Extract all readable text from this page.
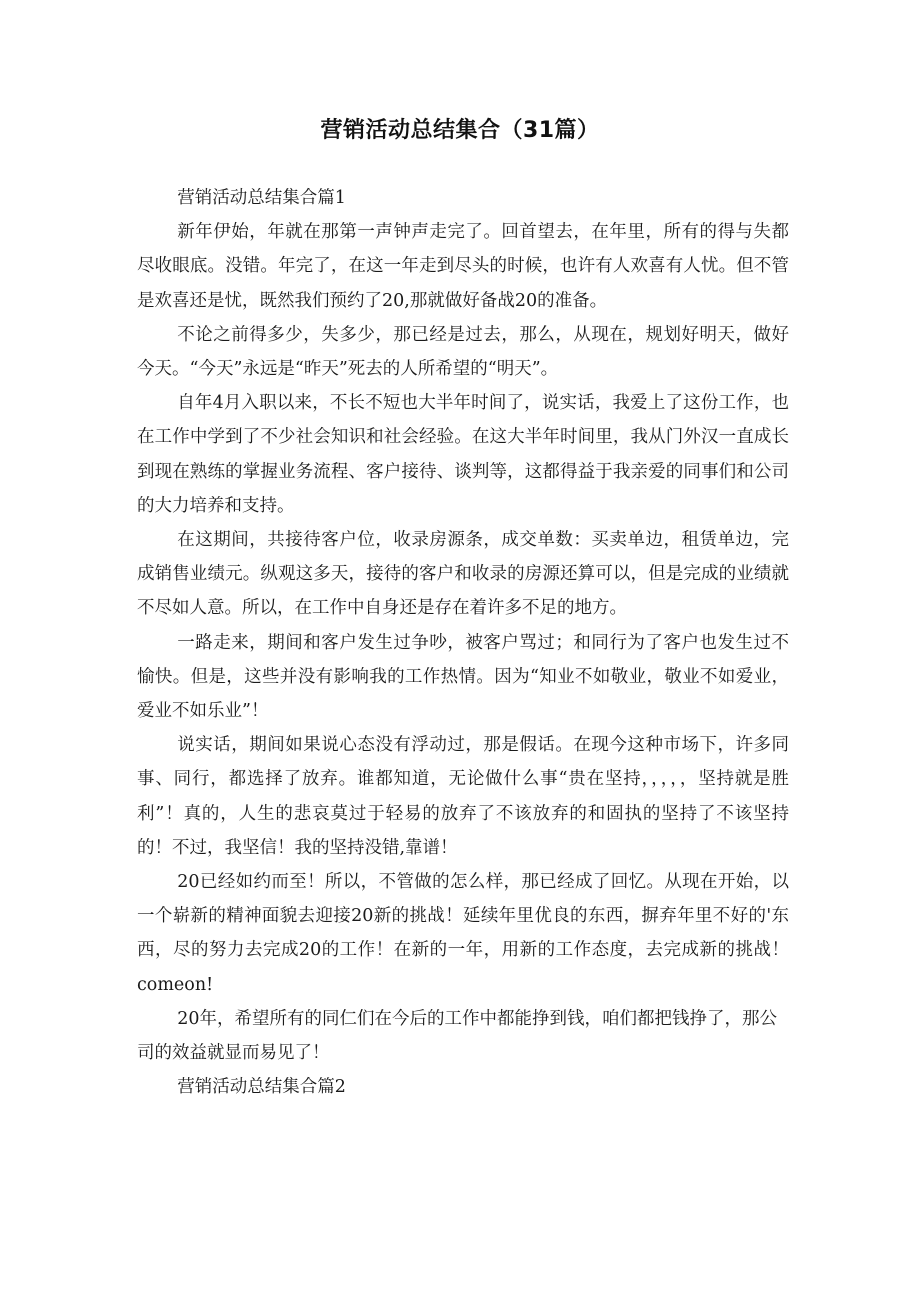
营销活动总结集合（31篇）
营销活动总结集合篇1

新年伊始，年就在那第一声钟声走完了。回首望去，在年里，所有的得与失都尽收眼底。没错。年完了，在这一年走到尽头的时候，也许有人欢喜有人忧。但不管是欢喜还是忧，既然我们预约了20,那就做好备战20的准备。

不论之前得多少，失多少，那已经是过去，那么，从现在，规划好明天，做好今天。“今天”永远是“昨天”死去的人所希望的“明天”。

自年4月入职以来，不长不短也大半年时间了，说实话，我爱上了这份工作，也在工作中学到了不少社会知识和社会经验。在这大半年时间里，我从门外汉一直成长到现在熟练的掌握业务流程、客户接待、谈判等，这都得益于我亲爱的同事们和公司的大力培养和支持。

在这期间，共接待客户位，收录房源条，成交单数：买卖单边，租赁单边，完成销售业绩元。纵观这多天，接待的客户和收录的房源还算可以，但是完成的业绩就不尽如人意。所以，在工作中自身还是存在着许多不足的地方。

一路走来，期间和客户发生过争吵，被客户骂过；和同行为了客户也发生过不愉快。但是，这些并没有影响我的工作热情。因为“知业不如敬业，敬业不如爱业，爱业不如乐业”！

说实话，期间如果说心态没有浮动过，那是假话。在现今这种市场下，许多同事、同行，都选择了放弃。谁都知道，无论做什么事“贵在坚持，，，，，坚持就是胜利”！真的，人生的悲哀莫过于轻易的放弃了不该放弃的和固执的坚持了不该坚持的！不过，我坚信！我的坚持没错,靠谱！

20已经如约而至！所以，不管做的怎么样，那已经成了回忆。从现在开始，以一个崭新的精神面貌去迎接20新的挑战！延续年里优良的东西，摒弃年里不好的'东西，尽的努力去完成20的工作！在新的一年，用新的工作态度，去完成新的挑战！comeon!

20年，希望所有的同仁们在今后的工作中都能挣到钱，咱们都把钱挣了，那公司的效益就显而易见了！

营销活动总结集合篇2
